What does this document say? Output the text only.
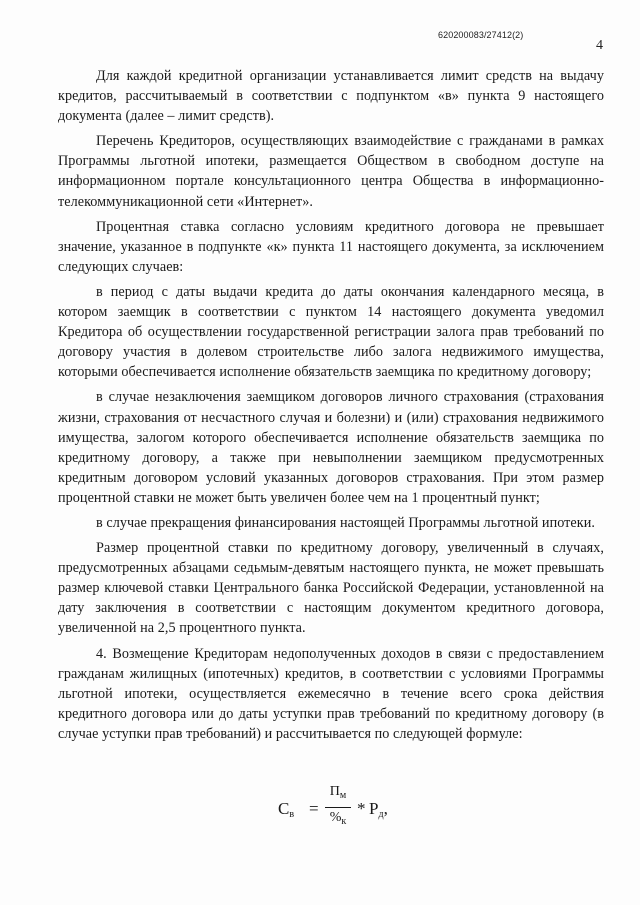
620200083/27412(2)
4

Для каждой кредитной организации устанавливается лимит средств на выдачу кредитов, рассчитываемый в соответствии с подпунктом «в» пункта 9 настоящего документа (далее – лимит средств).

Перечень Кредиторов, осуществляющих взаимодействие с гражданами в рамках Программы льготной ипотеки, размещается Обществом в свободном доступе на информационном портале консультационного центра Общества в информационно-телекоммуникационной сети «Интернет».

Процентная ставка согласно условиям кредитного договора не превышает значение, указанное в подпункте «к» пункта 11 настоящего документа, за исключением следующих случаев:

в период с даты выдачи кредита до даты окончания календарного месяца, в котором заемщик в соответствии с пунктом 14 настоящего документа уведомил Кредитора об осуществлении государственной регистрации залога прав требований по договору участия в долевом строительстве либо залога недвижимого имущества, которыми обеспечивается исполнение обязательств заемщика по кредитному договору;

в случае незаключения заемщиком договоров личного страхования (страхования жизни, страхования от несчастного случая и болезни) и (или) страхования недвижимого имущества, залогом которого обеспечивается исполнение обязательств заемщика по кредитному договору, а также при невыполнении заемщиком предусмотренных кредитным договором условий указанных договоров страхования. При этом размер процентной ставки не может быть увеличен более чем на 1 процентный пункт;

в случае прекращения финансирования настоящей Программы льготной ипотеки.

Размер процентной ставки по кредитному договору, увеличенный в случаях, предусмотренных абзацами седьмым-девятым настоящего пункта, не может превышать размер ключевой ставки Центрального банка Российской Федерации, установленной на дату заключения в соответствии с настоящим документом кредитного договора, увеличенной на 2,5 процентного пункта.

4. Возмещение Кредиторам недополученных доходов в связи с предоставлением гражданам жилищных (ипотечных) кредитов, в соответствии с условиями Программы льготной ипотеки, осуществляется ежемесячно в течение всего срока действия кредитного договора или до даты уступки прав требований по кредитному договору (в случае уступки прав требований) и рассчитывается по следующей формуле:

$С_в$ =
$П_м$
$\%_к$
* $Р_д$,
